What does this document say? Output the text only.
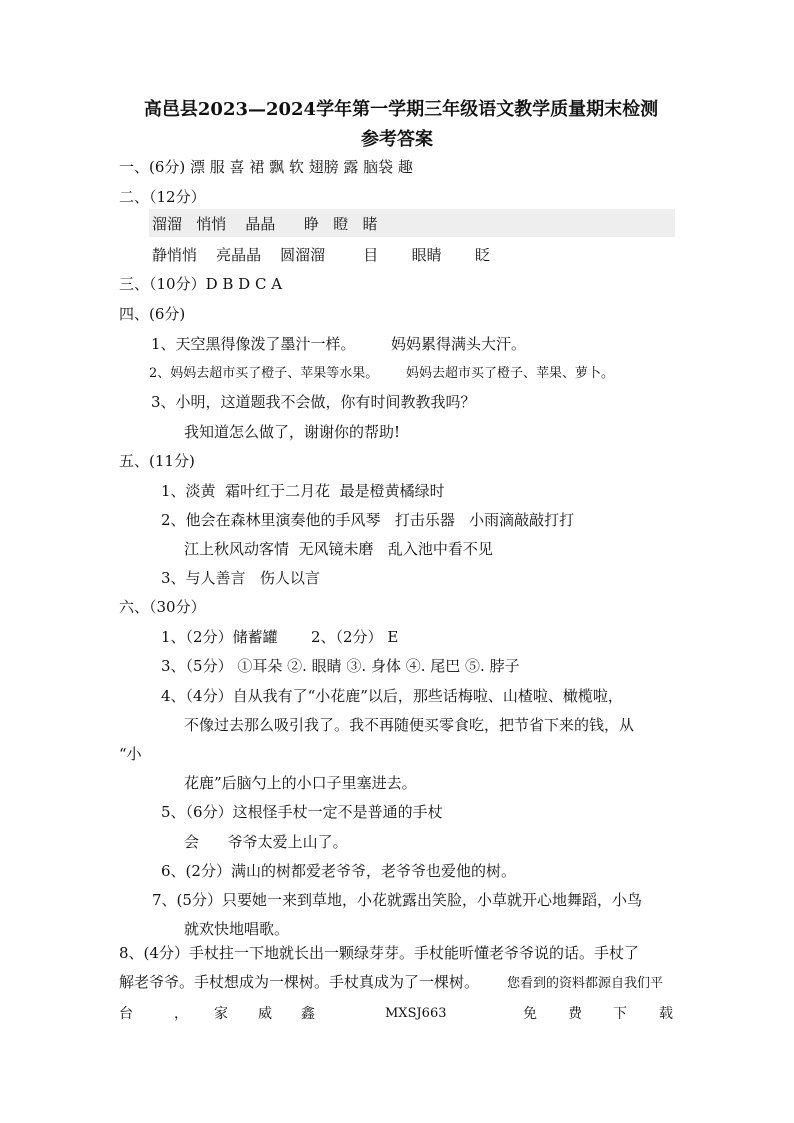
高邑县2023—2024学年第一学期三年级语文教学质量期末检测
参考答案
一、(6分) 漂 服 喜 裙 飘 软 翅膀 露 脑袋 趣
二、（12分）
溜溜   悄悄    晶晶      睁   瞪   睹
静悄悄    亮晶晶    圆溜溜        目       眼睛       眨
三、（10分）D B D C A
四、(6分)
1、天空黑得像泼了墨汁一样。 妈妈累得满头大汗。
2、妈妈去超市买了橙子、苹果等水果。 妈妈去超市买了橙子、苹果、萝卜。
3、小明，这道题我不会做，你有时间教教我吗？
我知道怎么做了，谢谢你的帮助!
五、(11分)
1、淡黄  霜叶红于二月花  最是橙黄橘绿时
2、他会在森林里演奏他的手风琴   打击乐器   小雨滴敲敲打打
江上秋风动客情  无风镜未磨   乱入池中看不见
3、与人善言   伤人以言
六、（30分）
1、（2分）储蓄罐       2、（2分） E
3、（5分） ①耳朵 ②. 眼睛 ③. 身体 ④. 尾巴 ⑤. 脖子
4、（4分）自从我有了“小花鹿”以后，那些话梅啦、山楂啦、橄榄啦，
不像过去那么吸引我了。我不再随便买零食吃，把节省下来的钱，从
“小
花鹿”后脑勺上的小口子里塞进去。
5、（6分）这根怪手杖一定不是普通的手杖
会      爷爷太爱上山了。
6、(2分）满山的树都爱老爷爷，老爷爷也爱他的树。
7、(5分）只要她一来到草地，小花就露出笑脸，小草就开心地舞蹈，小鸟
就欢快地唱歌。
8、(4分）手杖拄一下地就长出一颗绿芽芽。手杖能听懂老爷爷说的话。手杖了
解老爷爷。手杖想成为一棵树。手杖真成为了一棵树。 您看到的资料都源自我们平
台	， 家 威 鑫	MXSJ663	免 费 下 载
